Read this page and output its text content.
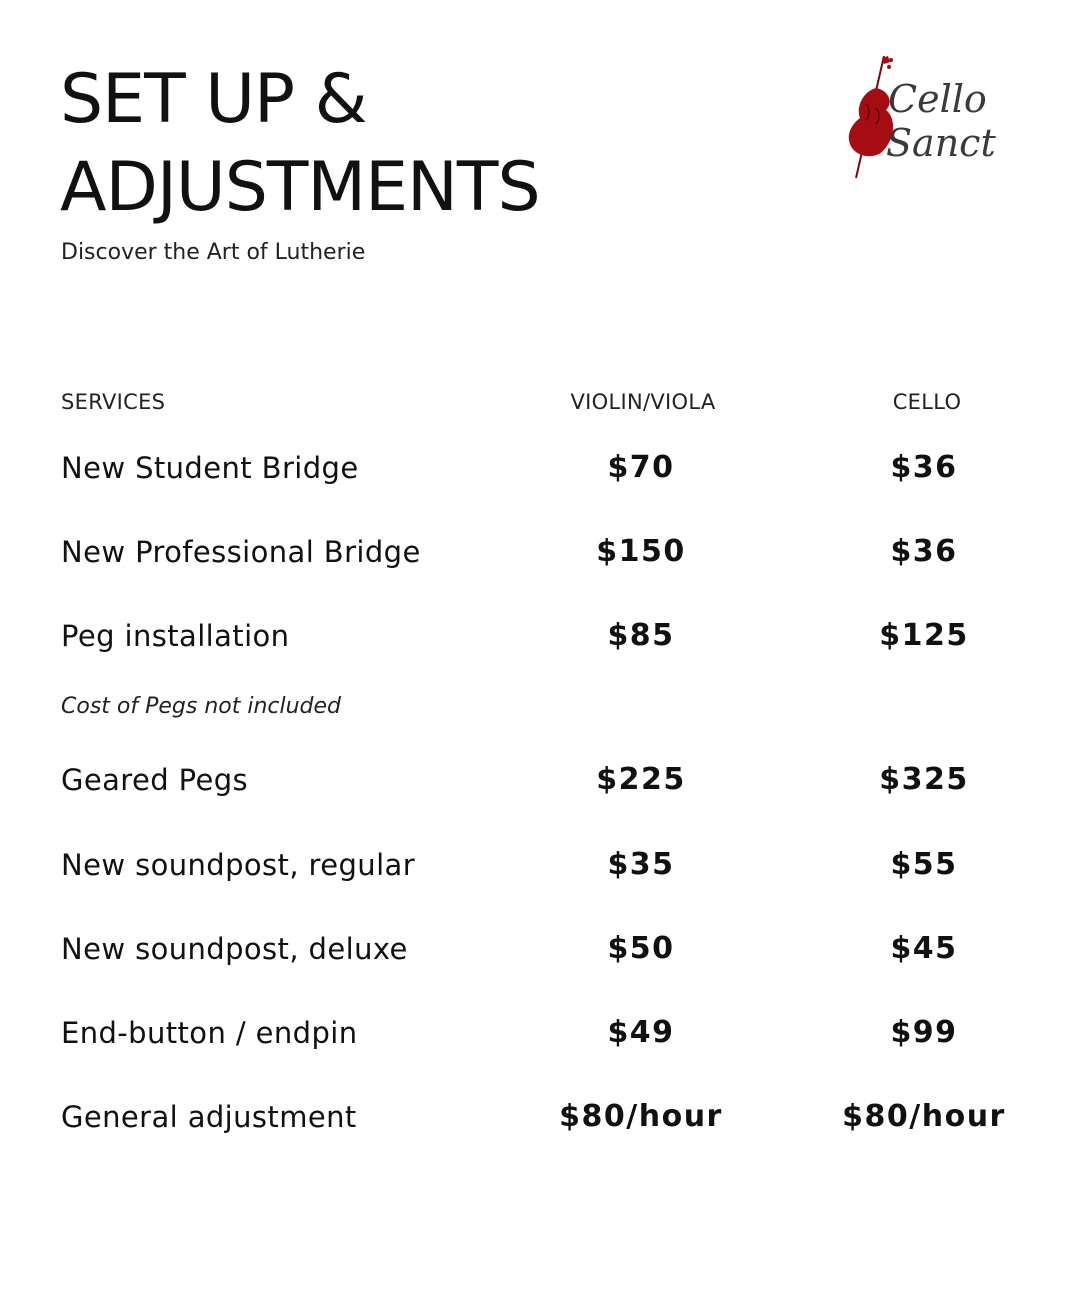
SET UP &
ADJUSTMENTS
Discover the Art of Lutherie
Cello
Sanct
SERVICES	VIOLIN/VIOLA	CELLO
New Student Bridge	$70	$36
New Professional Bridge	$150	$36
Peg installation	$85	$125
Cost of Pegs not included
Geared Pegs	$225	$325
New soundpost, regular	$35	$55
New soundpost, deluxe	$50	$45
End-button / endpin	$49	$99
General adjustment	$80/hour	$80/hour
